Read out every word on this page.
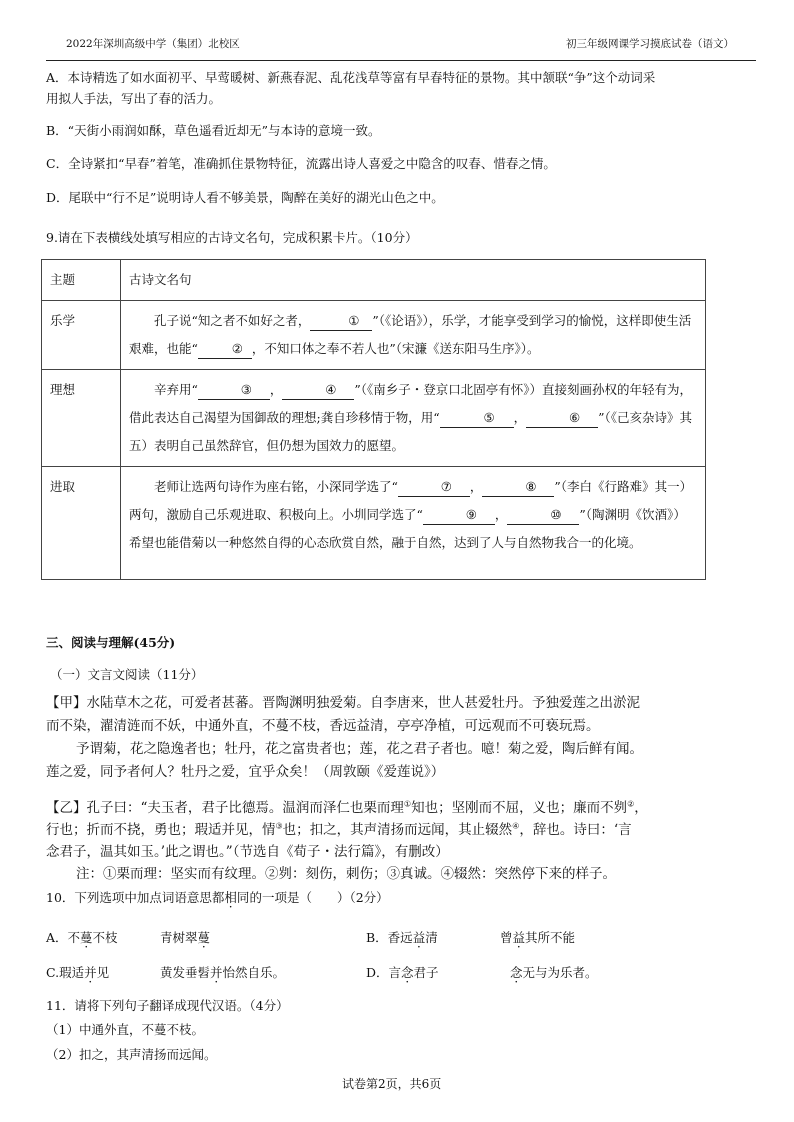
2022年深圳高级中学（集团）北校区	初三年级网课学习摸底试卷（语文）
A．本诗精选了如水面初平、早莺暖树、新燕春泥、乱花浅草等富有早春特征的景物。其中颔联“争”这个动词采
用拟人手法，写出了春的活力。
B．“天街小雨润如酥，草色遥看近却无”与本诗的意境一致。
C．全诗紧扣“早春”着笔，准确抓住景物特征，流露出诗人喜爱之中隐含的叹春、惜春之情。
D．尾联中“行不足”说明诗人看不够美景，陶醉在美好的湖光山色之中。
9.请在下表横线处填写相应的古诗文名句，完成积累卡片。（10分）
主题	古诗文名句
乐学	孔子说“知之者不如好之者， ① ”（《论语》），乐学，才能享受到学习的愉悦，这样即使生活艰难，也能“ ② ，不知口体之奉不若人也”（宋濂《送东阳马生序》）。
理想	辛弃用“ ③ ， ④ ”（《南乡子・登京口北固亭有怀》）直接刻画孙权的年轻有为，借此表达自己渴望为国御敌的理想;龚自珍移情于物，用“ ⑤ ， ⑥ ”（《己亥杂诗》其五）表明自己虽然辞官，但仍想为国效力的愿望。
进取	老师让选两句诗作为座右铭，小深同学选了“ ⑦ ， ⑧ ”（李白《行路难》其一）两句，激励自己乐观进取、积极向上。小圳同学选了“ ⑨ ， ⑩ ”（陶渊明《饮酒》）希望也能借菊以一种悠然自得的心态欣赏自然，融于自然，达到了人与自然物我合一的化境。
三、阅读与理解(45分)
（一）文言文阅读（11分）
【甲】水陆草木之花，可爱者甚蕃。晋陶渊明独爱菊。自李唐来，世人甚爱牡丹。予独爱莲之出淤泥
而不染，濯清涟而不妖，中通外直，不蔓不枝，香远益清，亭亭净植，可远观而不可亵玩焉。
予谓菊，花之隐逸者也；牡丹，花之富贵者也；莲，花之君子者也。噫！菊之爱，陶后鲜有闻。
莲之爱，同予者何人？牡丹之爱，宜乎众矣！（周敦颐《爱莲说》）
【乙】孔子曰：“夫玉者，君子比德焉。温润而泽仁也栗而理①知也；坚刚而不屈，义也；廉而不刿②，
行也；折而不挠，勇也；瑕适并见，情③也；扣之，其声清扬而远闻，其止辍然④，辞也。诗曰：‘言
念君子，温其如玉。’此之谓也。”（节选自《荀子・法行篇》，有删改）
注：①栗而理：坚实而有纹理。②刿：刻伤，刺伤；③真诚。④辍然：突然停下来的样子。
10．下列选项中加点词语意思都相同的一项是（　　）（2分）
A．不蔓不枝	青树翠蔓	B．香远益清	曾益其所不能
C.瑕适并见	黄发垂髫并怡然自乐。	D．言念君子	念无与为乐者。
11．请将下列句子翻译成现代汉语。（4分）
（1）中通外直，不蔓不枝。
（2）扣之，其声清扬而远闻。
试卷第2页，共6页
